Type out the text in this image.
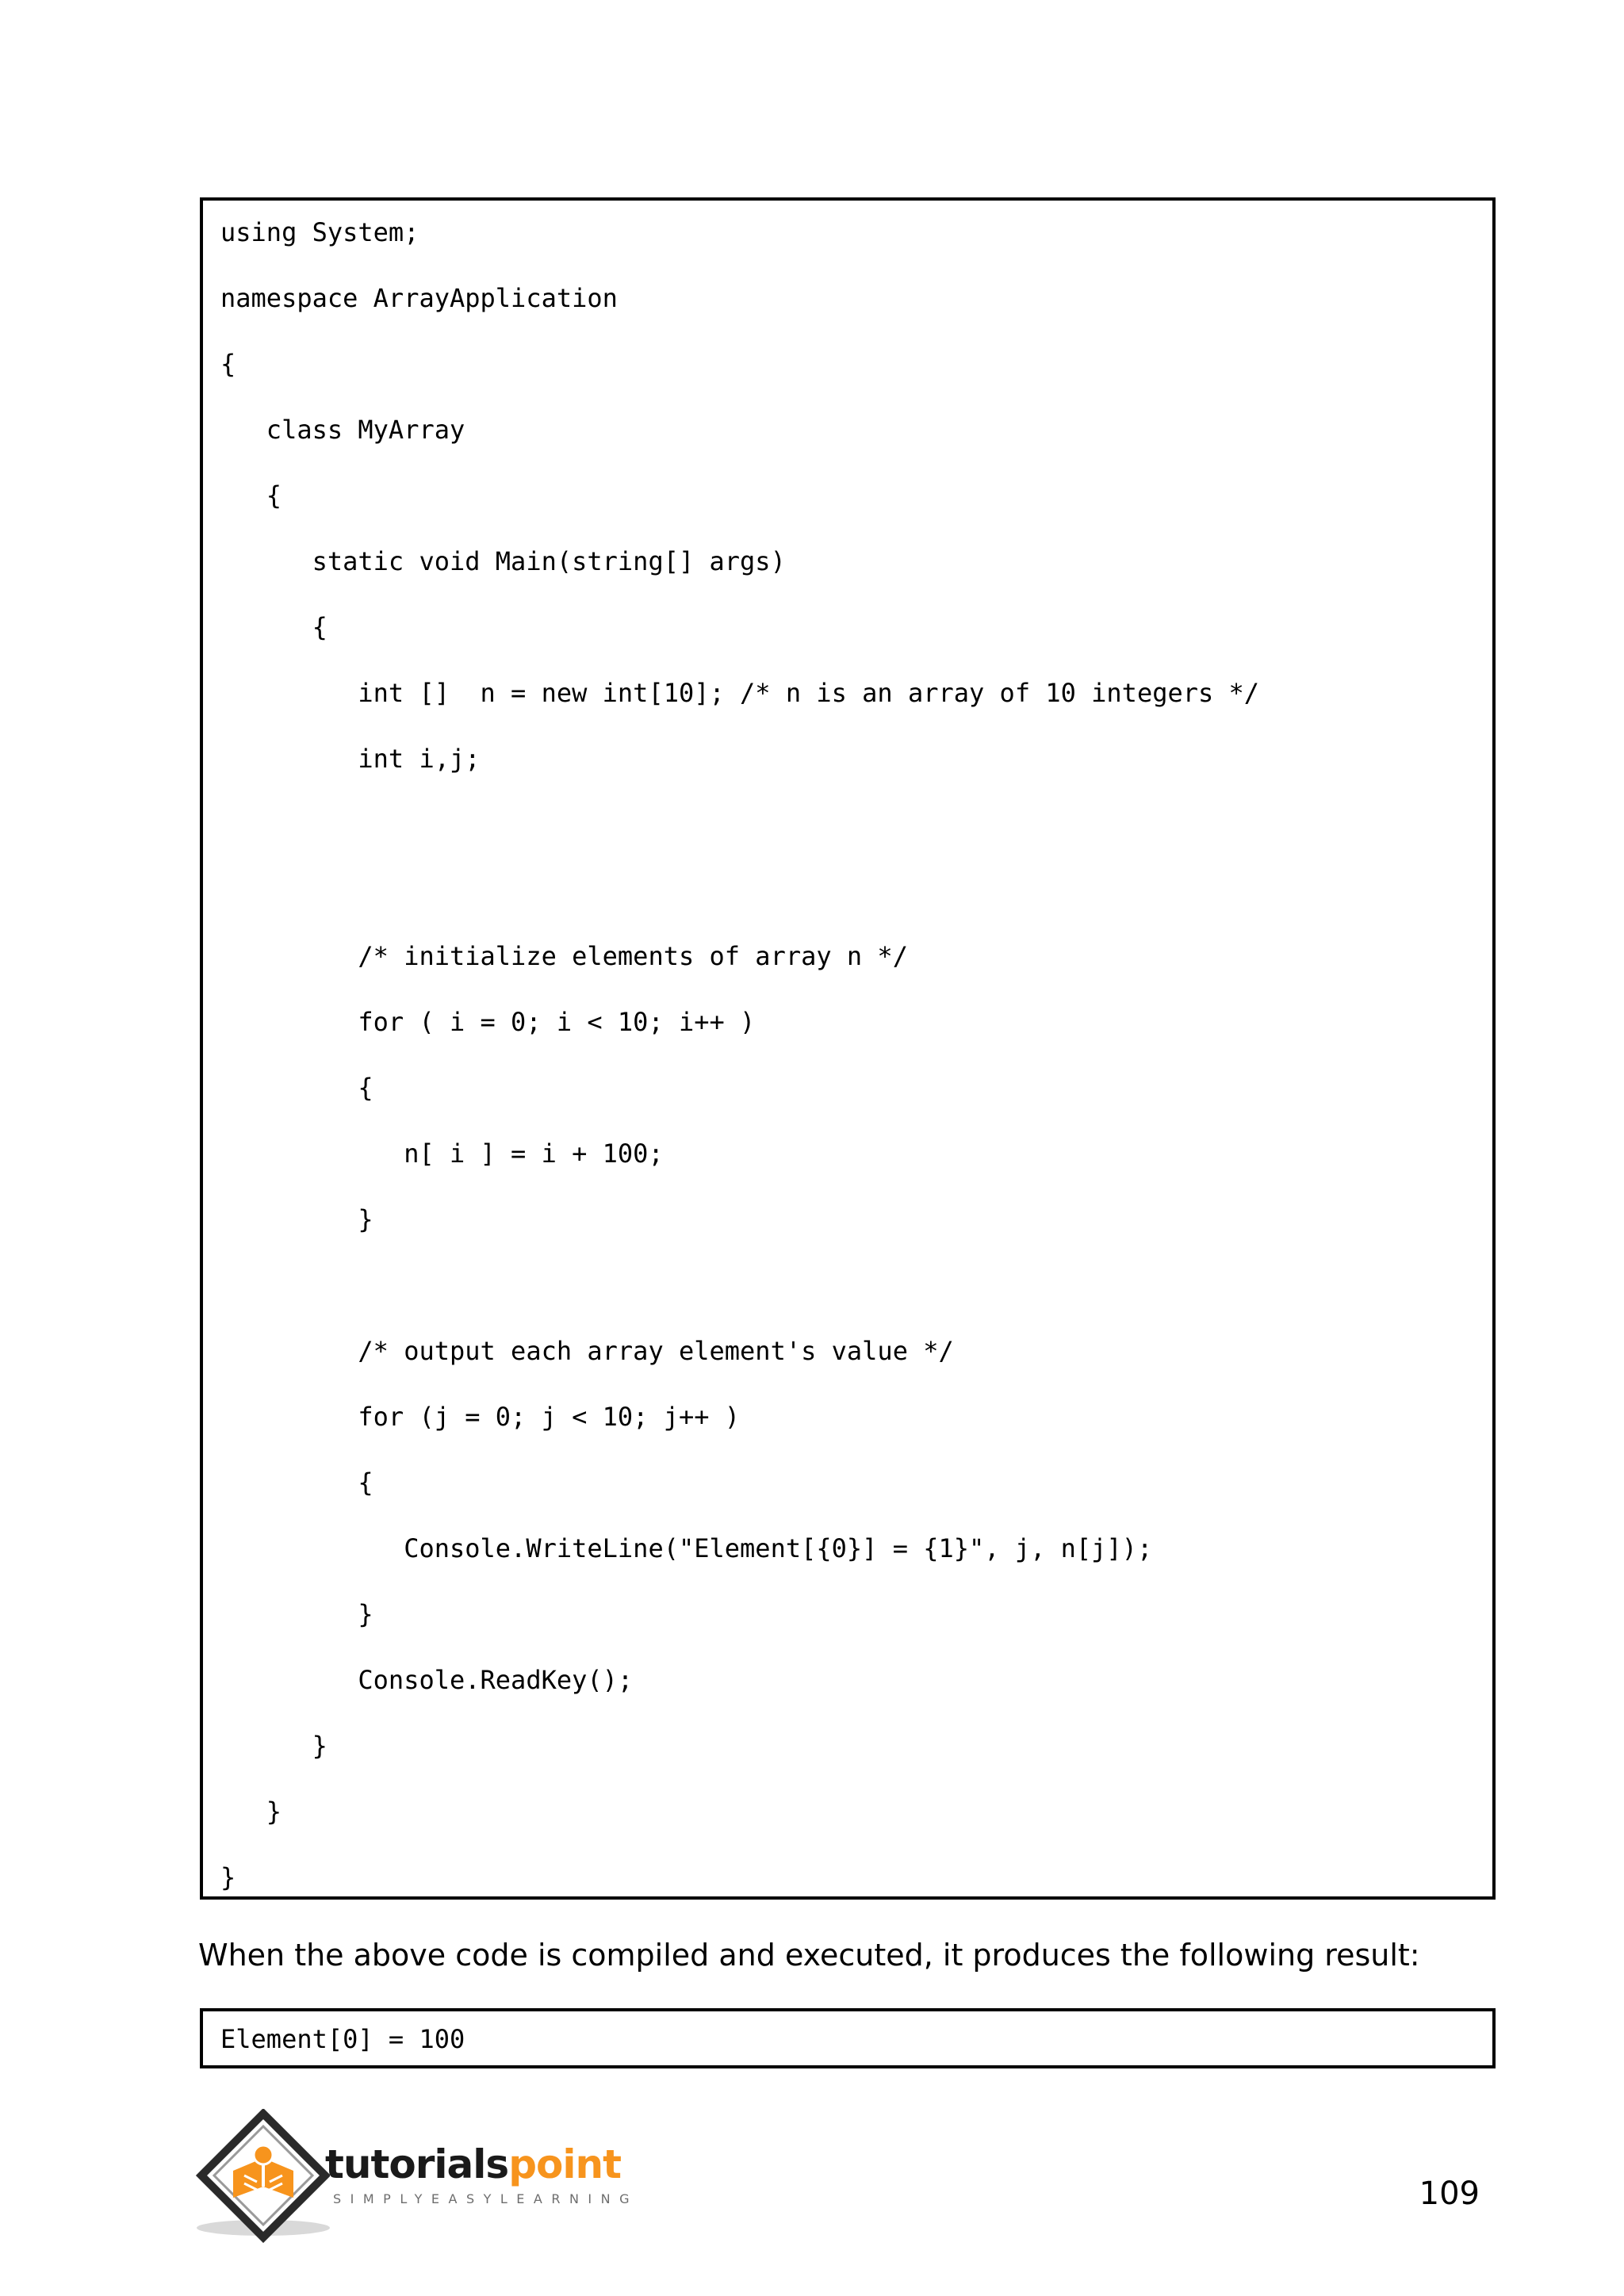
using System;
namespace ArrayApplication
{
class MyArray
{
static void Main(string[] args)
{
int []  n = new int[10]; /* n is an array of 10 integers */
int i,j;
/* initialize elements of array n */
for ( i = 0; i < 10; i++ )
{
n[ i ] = i + 100;
}
/* output each array element's value */
for (j = 0; j < 10; j++ )
{
Console.WriteLine("Element[{0}] = {1}", j, n[j]);
}
Console.ReadKey();
}
}
}
When the above code is compiled and executed, it produces the following result:
Element[0] = 100
tutorialspoint
SIMPLYEASYLEARNING	109
